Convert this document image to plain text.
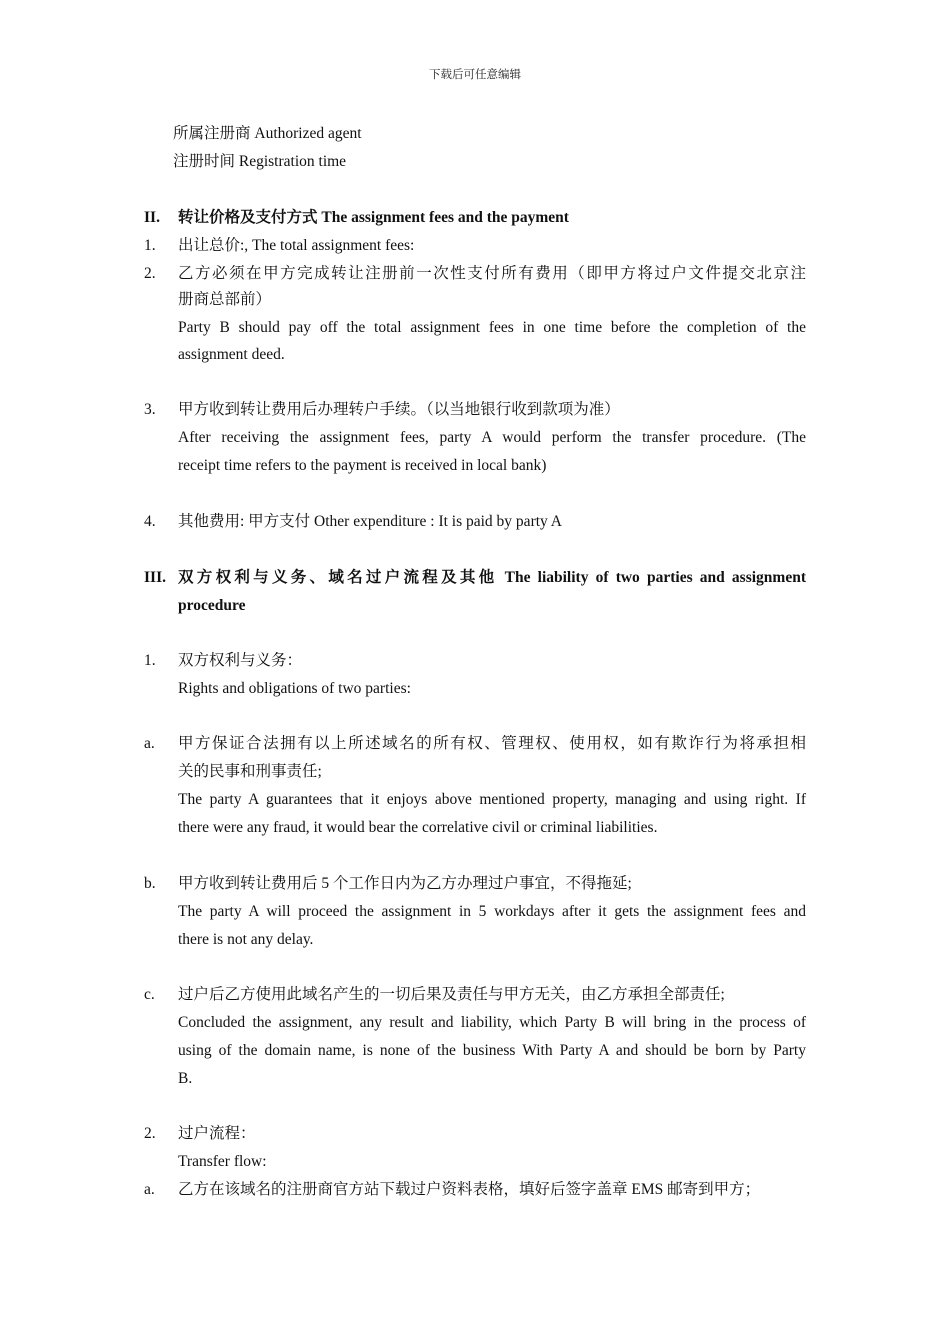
下载后可任意编辑
所属注册商 Authorized agent
注册时间 Registration time
II. 转让价格及支付方式 The assignment fees and the payment
1. 出让总价:, The total assignment fees:
2. 乙方必须在甲方完成转让注册前一次性支付所有费用（即甲方将过户文件提交北京注
册商总部前）
Party B should pay off the total assignment fees in one time before the completion of the
assignment deed.
3. 甲方收到转让费用后办理转户手续。（以当地银行收到款项为准）
After receiving the assignment fees, party A would perform the transfer procedure. (The
receipt time refers to the payment is received in local bank)
4. 其他费用: 甲方支付 Other expenditure : It is paid by party A
III. 双方权利与义务、域名过户流程及其他 The liability of two parties and assignment
procedure
1. 双方权利与义务：
Rights and obligations of two parties:
a. 甲方保证合法拥有以上所述域名的所有权、管理权、使用权，如有欺诈行为将承担相
关的民事和刑事责任;
The party A guarantees that it enjoys above mentioned property, managing and using right. If
there were any fraud, it would bear the correlative civil or criminal liabilities.
b. 甲方收到转让费用后 5 个工作日内为乙方办理过户事宜，不得拖延;
The party A will proceed the assignment in 5 workdays after it gets the assignment fees and
there is not any delay.
c. 过户后乙方使用此域名产生的一切后果及责任与甲方无关，由乙方承担全部责任;
Concluded the assignment, any result and liability, which Party B will bring in the process of
using of the domain name, is none of the business With Party A and should be born by Party
B.
2. 过户流程：
Transfer flow:
a. 乙方在该域名的注册商官方站下载过户资料表格，填好后签字盖章 EMS 邮寄到甲方；
